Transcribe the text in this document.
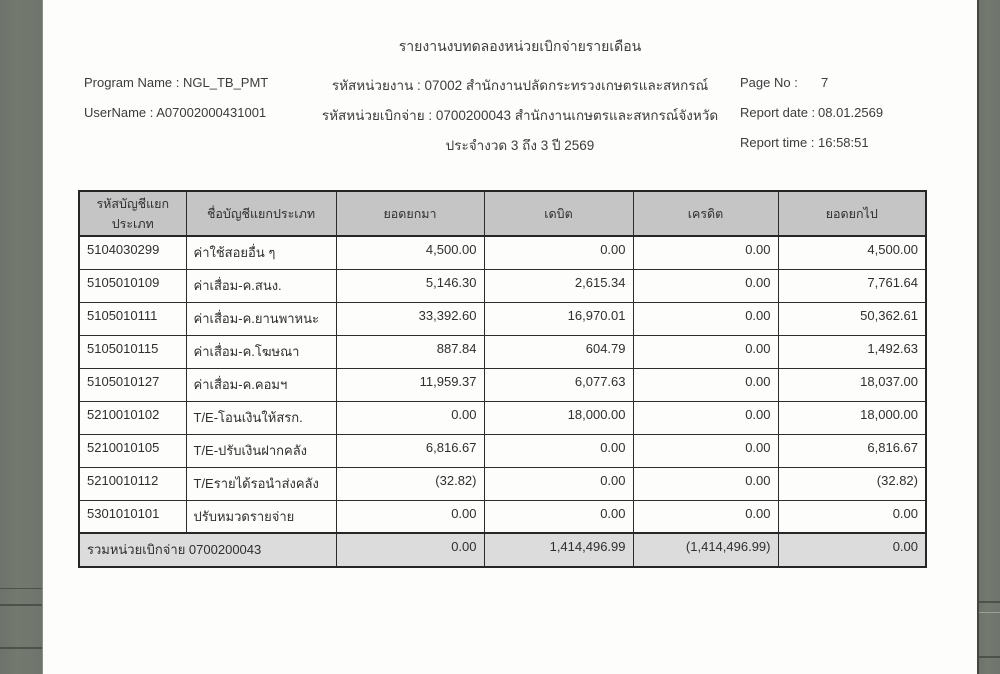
รายงานงบทดลองหน่วยเบิกจ่ายรายเดือน
Program Name : NGL_TB_PMT	รหัสหน่วยงาน : 07002 สำนักงานปลัดกระทรวงเกษตรและสหกรณ์	Page No : 7
UserName : A07002000431001	รหัสหน่วยเบิกจ่าย : 0700200043 สำนักงานเกษตรและสหกรณ์จังหวัด	Report date : 08.01.2569
ประจำงวด 3 ถึง 3 ปี 2569	Report time : 16:58:51
รหัสบัญชีแยกประเภท	ชื่อบัญชีแยกประเภท	ยอดยกมา	เดบิต	เครดิต	ยอดยกไป
5104030299	ค่าใช้สอยอื่น ๆ	4,500.00	0.00	0.00	4,500.00
5105010109	ค่าเสื่อม-ค.สนง.	5,146.30	2,615.34	0.00	7,761.64
5105010111	ค่าเสื่อม-ค.ยานพาหนะ	33,392.60	16,970.01	0.00	50,362.61
5105010115	ค่าเสื่อม-ค.โฆษณา	887.84	604.79	0.00	1,492.63
5105010127	ค่าเสื่อม-ค.คอมฯ	11,959.37	6,077.63	0.00	18,037.00
5210010102	T/E-โอนเงินให้สรก.	0.00	18,000.00	0.00	18,000.00
5210010105	T/E-ปรับเงินฝากคลัง	6,816.67	0.00	0.00	6,816.67
5210010112	T/Eรายได้รอนำส่งคลัง	(32.82)	0.00	0.00	(32.82)
5301010101	ปรับหมวดรายจ่าย	0.00	0.00	0.00	0.00
รวมหน่วยเบิกจ่าย 0700200043		0.00	1,414,496.99	(1,414,496.99)	0.00
